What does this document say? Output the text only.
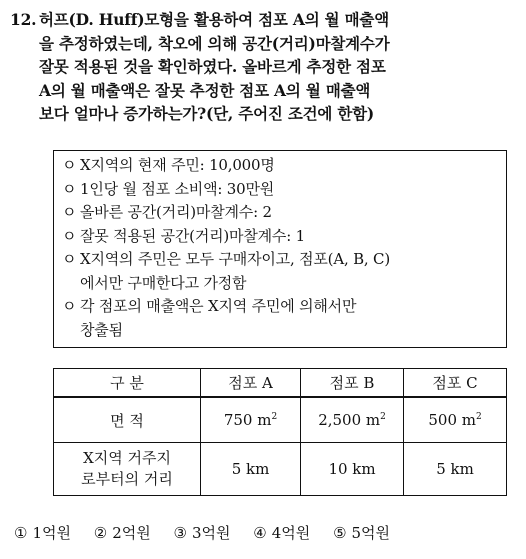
12. 허프(D. Huff)모형을 활용하여 점포 A의 월 매출액
을 추정하였는데, 착오에 의해 공간(거리)마찰계수가
잘못 적용된 것을 확인하였다. 올바르게 추정한 점포
A의 월 매출액은 잘못 추정한 점포 A의 월 매출액
보다 얼마나 증가하는가?(단, 주어진 조건에 한함)
ㅇ X지역의 현재 주민: 10,000명
ㅇ 1인당 월 점포 소비액: 30만원
ㅇ 올바른 공간(거리)마찰계수: 2
ㅇ 잘못 적용된 공간(거리)마찰계수: 1
ㅇ X지역의 주민은 모두 구매자이고, 점포(A, B, C)
에서만 구매한다고 가정함
ㅇ 각 점포의 매출액은 X지역 주민에 의해서만
창출됨
구 분	점포 A	점포 B	점포 C
면 적	750 $m^2$	2,500 $m^2$	500 $m^2$
X지역 거주지
로부터의 거리	5 km	10 km	5 km
① 1억원 ② 2억원 ③ 3억원 ④ 4억원 ⑤ 5억원
